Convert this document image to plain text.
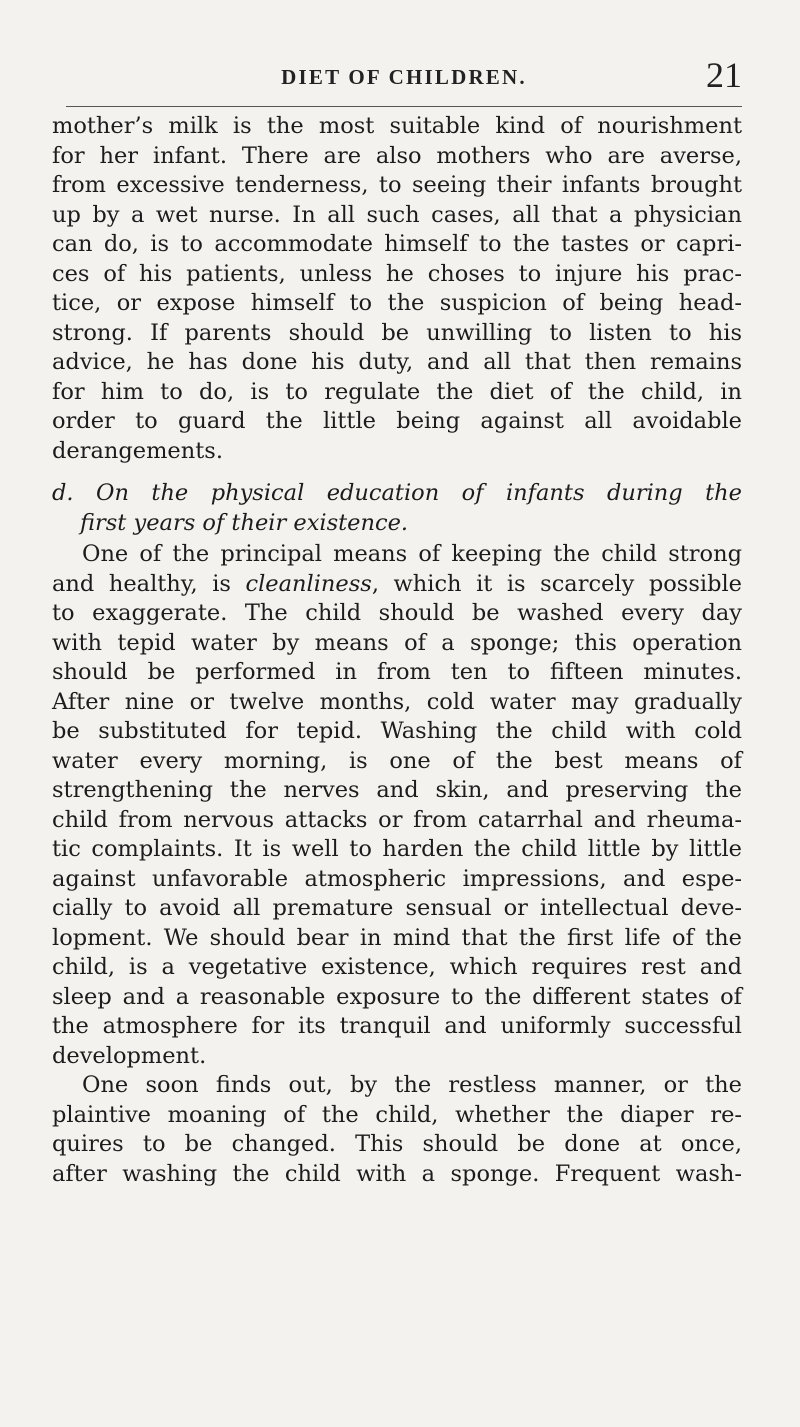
DIET OF CHILDREN.	21
mother’s milk is the most suitable kind of nourishment
for her infant. There are also mothers who are averse,
from excessive tenderness, to seeing their infants brought
up by a wet nurse. In all such cases, all that a physician
can do, is to accommodate himself to the tastes or capri-
ces of his patients, unless he choses to injure his prac-
tice, or expose himself to the suspicion of being head-
strong. If parents should be unwilling to listen to his
advice, he has done his duty, and all that then remains
for him to do, is to regulate the diet of the child, in
order to guard the little being against all avoidable
derangements.
d. On the physical education of infants during the
first years of their existence.
One of the principal means of keeping the child strong
and healthy, is cleanliness, which it is scarcely possible
to exaggerate. The child should be washed every day
with tepid water by means of a sponge; this operation
should be performed in from ten to fifteen minutes.
After nine or twelve months, cold water may gradually
be substituted for tepid. Washing the child with cold
water every morning, is one of the best means of
strengthening the nerves and skin, and preserving the
child from nervous attacks or from catarrhal and rheuma-
tic complaints. It is well to harden the child little by little
against unfavorable atmospheric impressions, and espe-
cially to avoid all premature sensual or intellectual deve-
lopment. We should bear in mind that the first life of the
child, is a vegetative existence, which requires rest and
sleep and a reasonable exposure to the different states of
the atmosphere for its tranquil and uniformly successful
development.
One soon finds out, by the restless manner, or the
plaintive moaning of the child, whether the diaper re-
quires to be changed. This should be done at once,
after washing the child with a sponge. Frequent wash-
